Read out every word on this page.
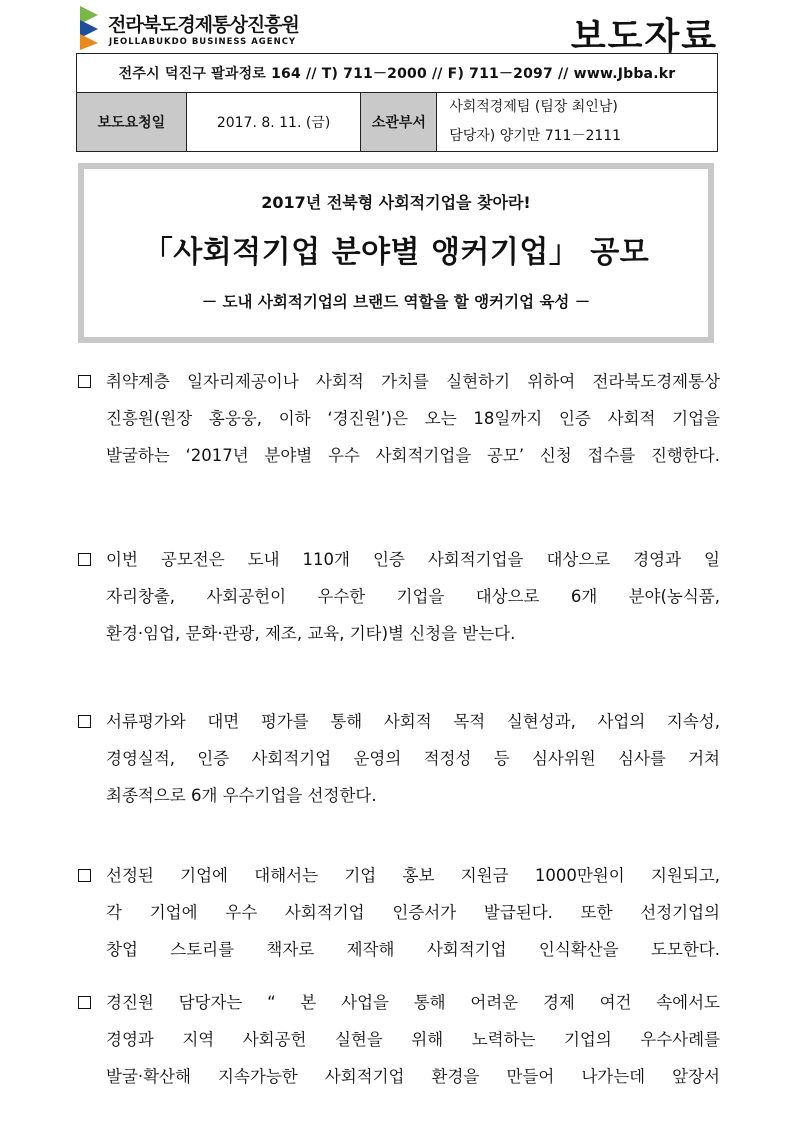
전라북도경제통상진흥원
JEOLLABUKDO BUSINESS AGENCY	보도자료
전주시 덕진구 팔과정로 164 // T) 711－2000 // F) 711－2097 // www.Jbba.kr
보도요청일	2017. 8. 11. (금)	소관부서	
사회적경제팀 (팀장 최인남)
담당자) 양기만 711－2111
2017년 전북형 사회적기업을 찾아라!
「사회적기업 분야별 앵커기업」 공모
－ 도내 사회적기업의 브랜드 역할을 할 앵커기업 육성 －
취약계층 일자리제공이나 사회적 가치를 실현하기 위하여 전라북도경제통상
진흥원(원장 홍웅웅, 이하 ‘경진원’)은 오는 18일까지 인증 사회적 기업을
발굴하는 ‘2017년 분야별 우수 사회적기업을 공모’ 신청 접수를 진행한다.
이번 공모전은 도내 110개 인증 사회적기업을 대상으로 경영과 일
자리창출, 사회공헌이 우수한 기업을 대상으로 6개 분야(농식품,
환경·임업, 문화·관광, 제조, 교육, 기타)별 신청을 받는다.
서류평가와 대면 평가를 통해 사회적 목적 실현성과, 사업의 지속성,
경영실적, 인증 사회적기업 운영의 적정성 등 심사위원 심사를 거쳐
최종적으로 6개 우수기업을 선정한다.
선정된 기업에 대해서는 기업 홍보 지원금 1000만원이 지원되고,
각 기업에 우수 사회적기업 인증서가 발급된다. 또한 선정기업의
창업 스토리를 책자로 제작해 사회적기업 인식확산을 도모한다.
경진원 담당자는 “ 본 사업을 통해 어려운 경제 여건 속에서도
경영과 지역 사회공헌 실현을 위해 노력하는 기업의 우수사례를
발굴·확산해 지속가능한 사회적기업 환경을 만들어 나가는데 앞장서
